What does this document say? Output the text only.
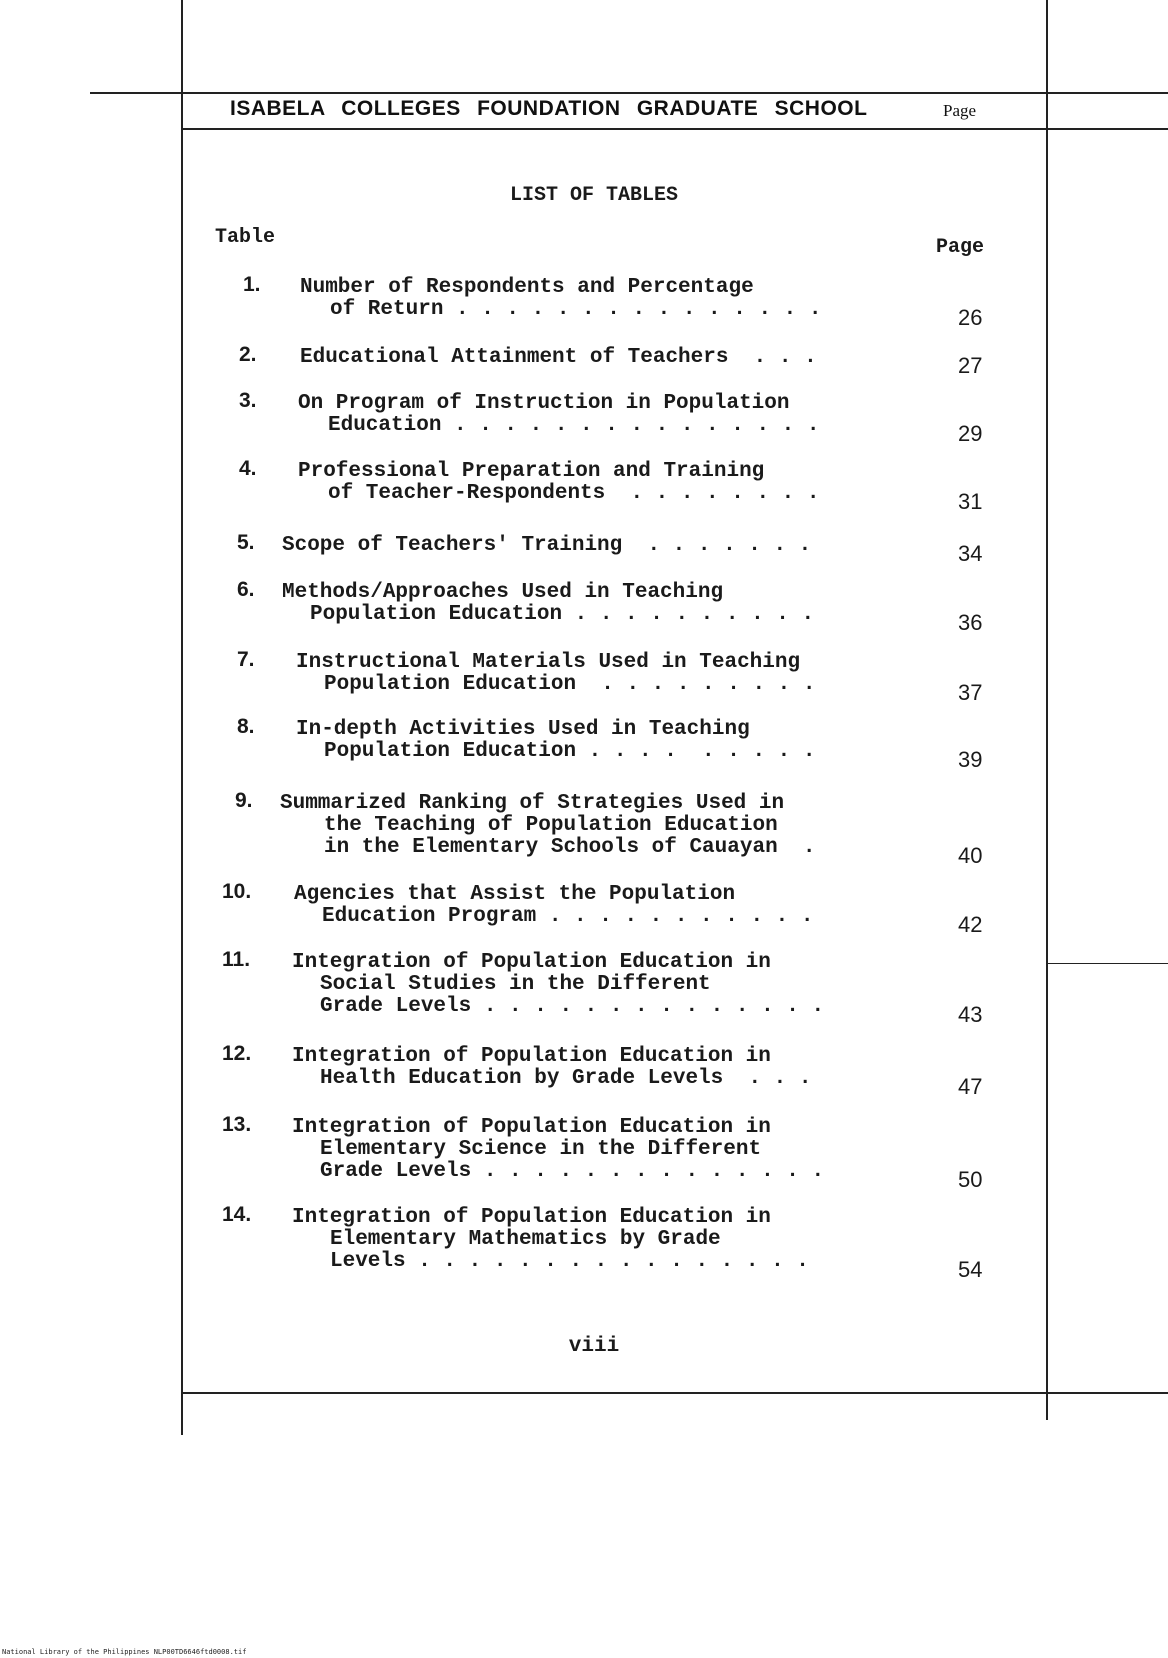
ISABELA COLLEGES FOUNDATION GRADUATE SCHOOL	Page
LIST OF TABLES
Table	Page
1. Number of Respondents and Percentage
of Return . . . . . . . . . . . . . . .	26
2. Educational Attainment of Teachers  . . .	27
3. On Program of Instruction in Population
Education . . . . . . . . . . . . . . .	29
4. Professional Preparation and Training
of Teacher-Respondents  . . . . . . . .	31
5. Scope of Teachers' Training  . . . . . . .	34
6. Methods/Approaches Used in Teaching
Population Education . . . . . . . . . .	36
7. Instructional Materials Used in Teaching
Population Education  . . . . . . . . .	37
8. In-depth Activities Used in Teaching
Population Education . . . .  . . . . .	39
9. Summarized Ranking of Strategies Used in
the Teaching of Population Education
in the Elementary Schools of Cauayan  .	40
10. Agencies that Assist the Population
Education Program . . . . . . . . . . .	42
11. Integration of Population Education in
Social Studies in the Different
Grade Levels . . . . . . . . . . . . . .	43
12. Integration of Population Education in
Health Education by Grade Levels  . . .	47
13. Integration of Population Education in
Elementary Science in the Different
Grade Levels . . . . . . . . . . . . . .	50
14. Integration of Population Education in
Elementary Mathematics by Grade
Levels . . . . . . . . . . . . . . . .	54
viii
National Library of the Philippines NLP00TD6646ftd0008.tif
